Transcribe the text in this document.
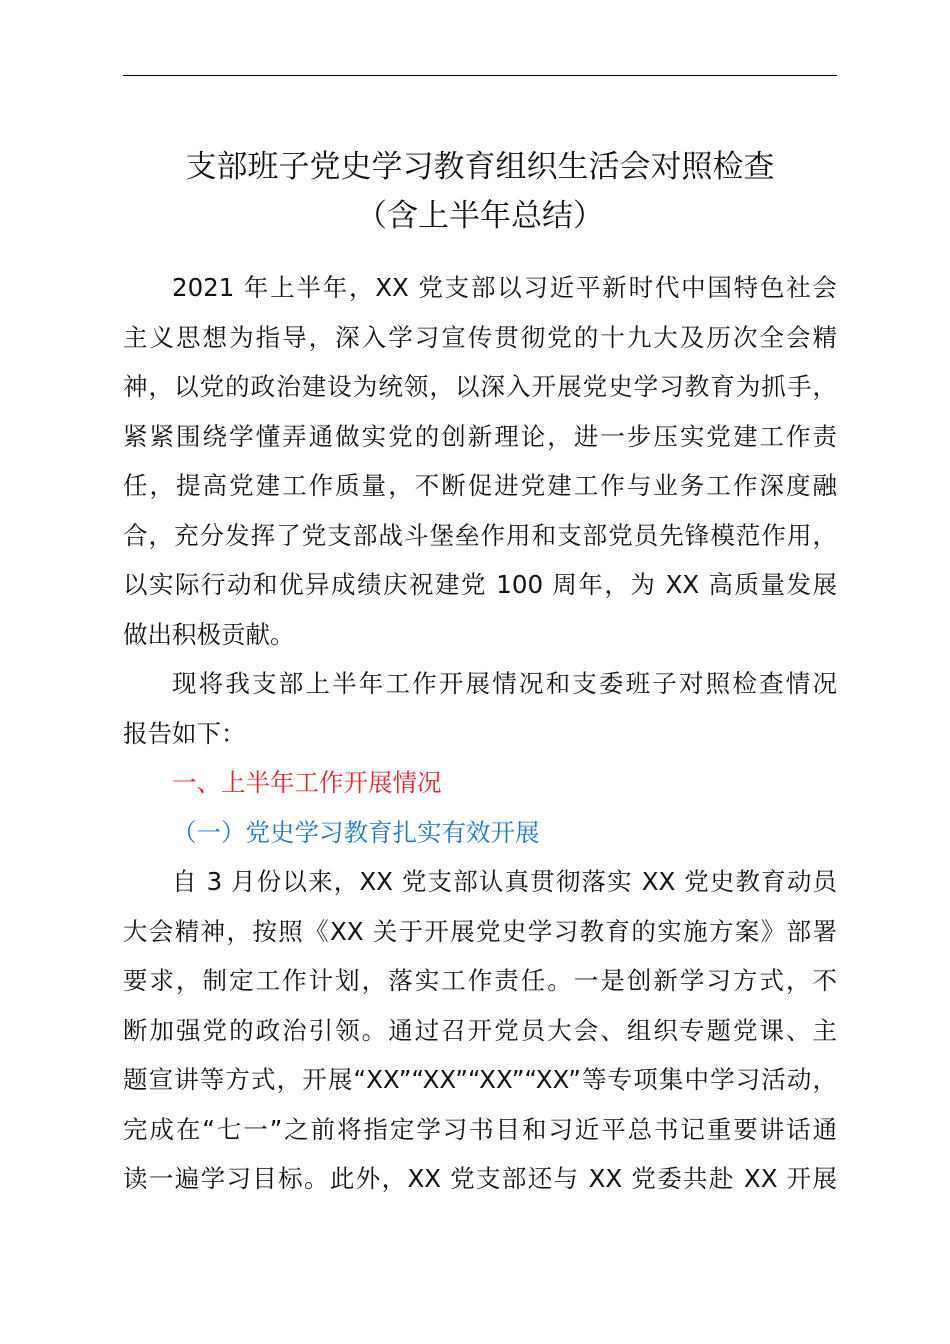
支部班子党史学习教育组织生活会对照检查
（含上半年总结）
2021 年上半年，XX 党支部以习近平新时代中国特色社会
主义思想为指导，深入学习宣传贯彻党的十九大及历次全会精
神，以党的政治建设为统领，以深入开展党史学习教育为抓手，
紧紧围绕学懂弄通做实党的创新理论，进一步压实党建工作责
任，提高党建工作质量，不断促进党建工作与业务工作深度融
合，充分发挥了党支部战斗堡垒作用和支部党员先锋模范作用，
以实际行动和优异成绩庆祝建党 100 周年，为 XX 高质量发展
做出积极贡献。
现将我支部上半年工作开展情况和支委班子对照检查情况
报告如下：
一、上半年工作开展情况
（一）党史学习教育扎实有效开展
自 3 月份以来，XX 党支部认真贯彻落实 XX 党史教育动员
大会精神，按照《XX 关于开展党史学习教育的实施方案》部署
要求，制定工作计划，落实工作责任。一是创新学习方式，不
断加强党的政治引领。通过召开党员大会、组织专题党课、主
题宣讲等方式，开展“XX”“XX”“XX”“XX”等专项集中学习活动，
完成在“七一”之前将指定学习书目和习近平总书记重要讲话通
读一遍学习目标。此外，XX 党支部还与 XX 党委共赴 XX 开展
